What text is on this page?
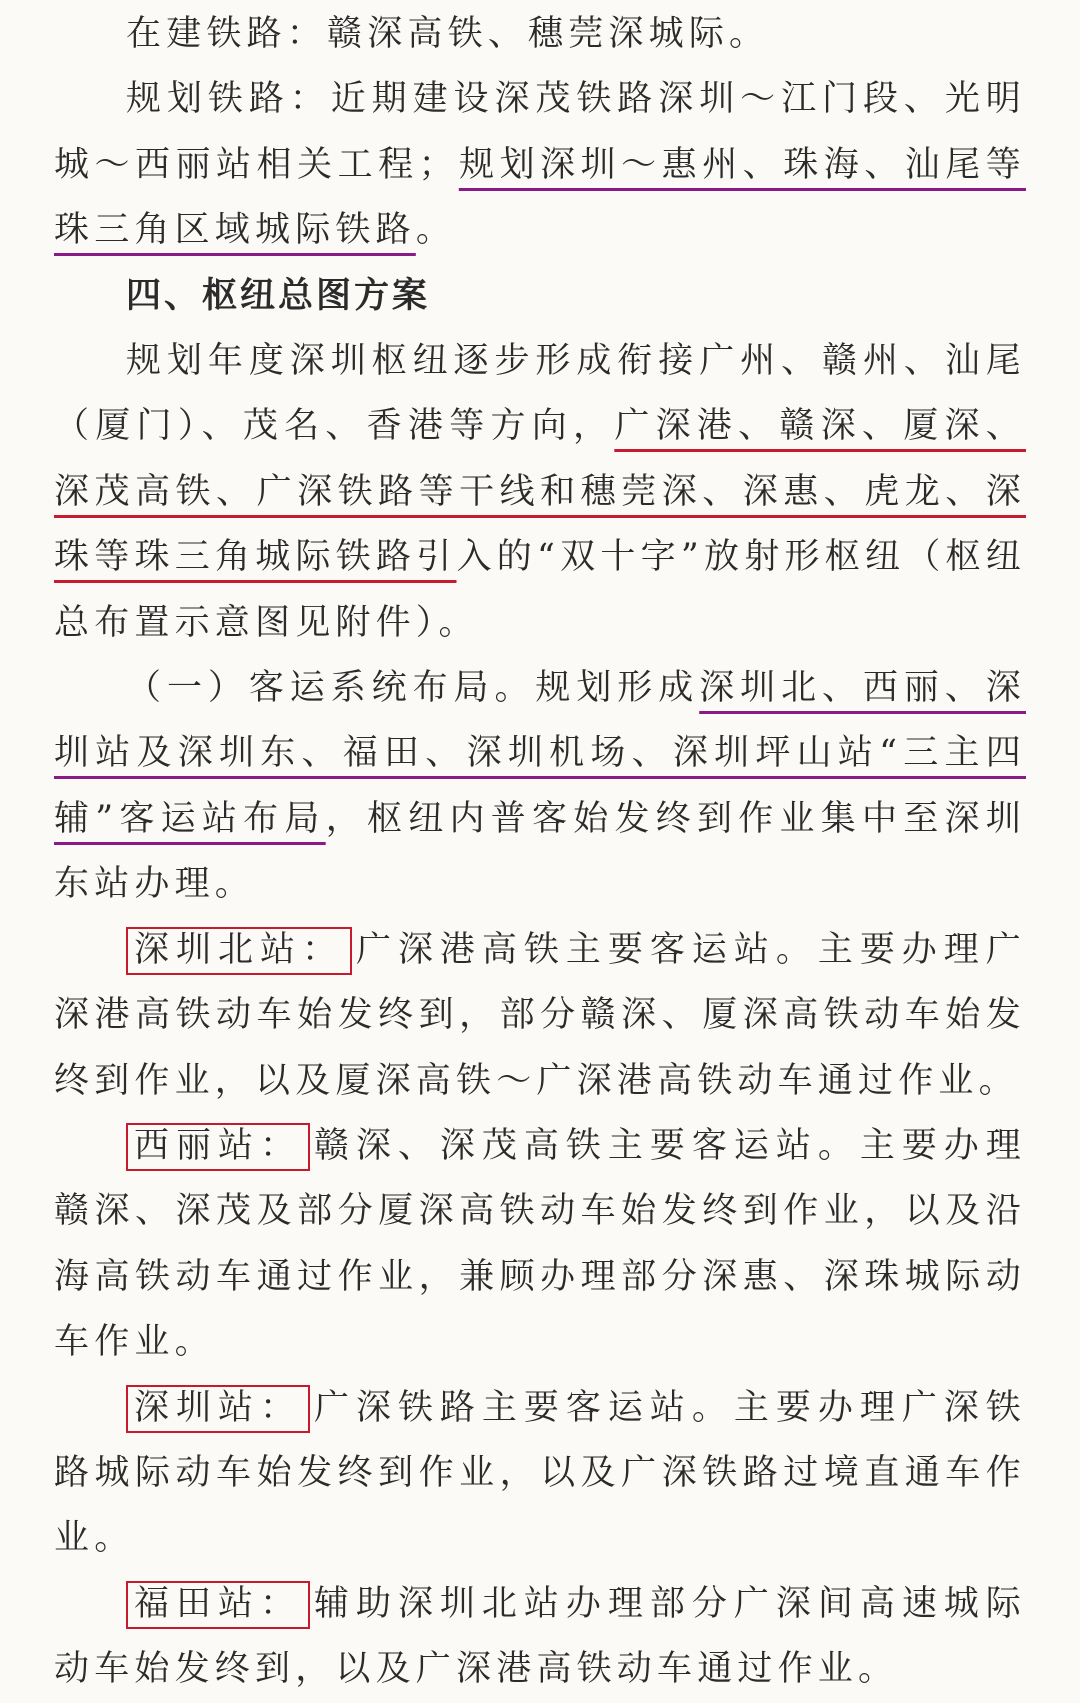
在建铁路：赣深高铁、穗莞深城际。

规划铁路：近期建设深茂铁路深圳～江门段、光明城～西丽站相关工程；规划深圳～惠州、珠海、汕尾等珠三角区域城际铁路。

四、枢纽总图方案

规划年度深圳枢纽逐步形成衔接广州、赣州、汕尾（厦门）、茂名、香港等方向，广深港、赣深、厦深、深茂高铁、广深铁路等干线和穗莞深、深惠、虎龙、深珠等珠三角城际铁路引入的“双十字”放射形枢纽（枢纽总布置示意图见附件）。

（一）客运系统布局。规划形成深圳北、西丽、深圳站及深圳东、福田、深圳机场、深圳坪山站“三主四辅”客运站布局，枢纽内普客始发终到作业集中至深圳东站办理。

深圳北站： 广深港高铁主要客运站。主要办理广深港高铁动车始发终到，部分赣深、厦深高铁动车始发终到作业，以及厦深高铁～广深港高铁动车通过作业。

西丽站： 赣深、深茂高铁主要客运站。主要办理赣深、深茂及部分厦深高铁动车始发终到作业，以及沿海高铁动车通过作业，兼顾办理部分深惠、深珠城际动车作业。

深圳站： 广深铁路主要客运站。主要办理广深铁路城际动车始发终到作业，以及广深铁路过境直通车作业。

福田站： 辅助深圳北站办理部分广深间高速城际动车始发终到，以及广深港高铁动车通过作业。
